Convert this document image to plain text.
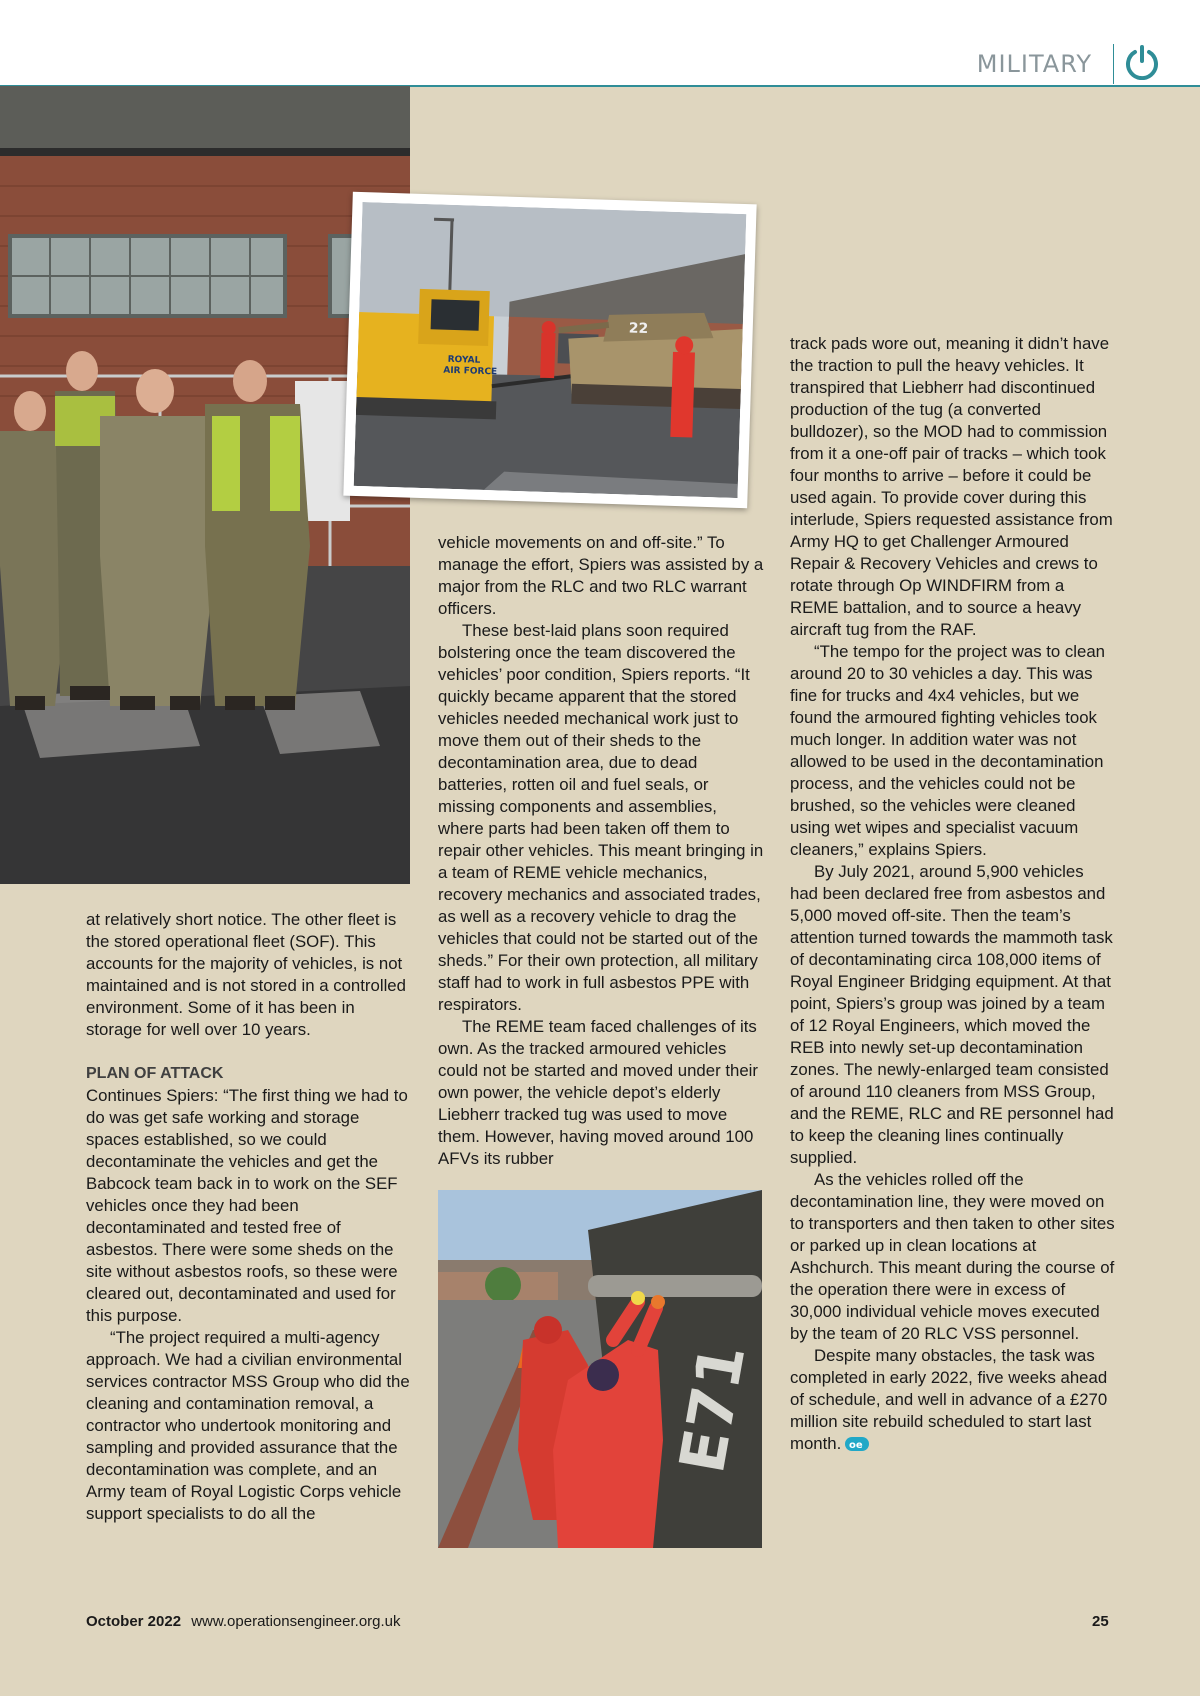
MILITARY
ROYAL
AIR FORCE
22
E71

at relatively short notice. The other fleet is the stored operational fleet (SOF). This accounts for the majority of vehicles, is not maintained and is not stored in a controlled environment. Some of it has been in storage for well over 10 years.

PLAN OF ATTACK

Continues Spiers: “The first thing we had to do was get safe working and storage spaces established, so we could decontaminate the vehicles and get the Babcock team back in to work on the SEF vehicles once they had been decontaminated and tested free of asbestos. There were some sheds on the site without asbestos roofs, so these were cleared out, decontaminated and used for this purpose.

“The project required a multi-agency approach. We had a civilian environmental services contractor MSS Group who did the cleaning and contamination removal, a contractor who undertook monitoring and sampling and provided assurance that the decontamination was complete, and an Army team of Royal Logistic Corps vehicle support specialists to do all the

vehicle movements on and off-site.” To manage the effort, Spiers was assisted by a major from the RLC and two RLC warrant officers.

These best-laid plans soon required bolstering once the team discovered the vehicles’ poor condition, Spiers reports. “It quickly became apparent that the stored vehicles needed mechanical work just to move them out of their sheds to the decontamination area, due to dead batteries, rotten oil and fuel seals, or missing components and assemblies, where parts had been taken off them to repair other vehicles. This meant bringing in a team of REME vehicle mechanics, recovery mechanics and associated trades, as well as a recovery vehicle to drag the vehicles that could not be started out of the sheds.” For their own protection, all military staff had to work in full asbestos PPE with respirators.

The REME team faced challenges of its own. As the tracked armoured vehicles could not be started and moved under their own power, the vehicle depot’s elderly Liebherr tracked tug was used to move them. However, having moved around 100 AFVs its rubber

track pads wore out, meaning it didn’t have the traction to pull the heavy vehicles. It transpired that Liebherr had discontinued production of the tug (a converted bulldozer), so the MOD had to commission from it a one-off pair of tracks – which took four months to arrive – before it could be used again. To provide cover during this interlude, Spiers requested assistance from Army HQ to get Challenger Armoured Repair & Recovery Vehicles and crews to rotate through Op WINDFIRM from a REME battalion, and to source a heavy aircraft tug from the RAF.

“The tempo for the project was to clean around 20 to 30 vehicles a day. This was fine for trucks and 4x4 vehicles, but we found the armoured fighting vehicles took much longer. In addition water was not allowed to be used in the decontamination process, and the vehicles could not be brushed, so the vehicles were cleaned using wet wipes and specialist vacuum cleaners,” explains Spiers.

By July 2021, around 5,900 vehicles had been declared free from asbestos and 5,000 moved off-site. Then the team’s attention turned towards the mammoth task of decontaminating circa 108,000 items of Royal Engineer Bridging equipment. At that point, Spiers’s group was joined by a team of 12 Royal Engineers, which moved the REB into newly set-up decontamination zones. The newly-enlarged team consisted of around 110 cleaners from MSS Group, and the REME, RLC and RE personnel had to keep the cleaning lines continually supplied.

As the vehicles rolled off the decontamination line, they were moved on to transporters and then taken to other sites or parked up in clean locations at Ashchurch. This meant during the course of the operation there were in excess of 30,000 individual vehicle moves executed by the team of 20 RLC VSS personnel.

Despite many obstacles, the task was completed in early 2022, five weeks ahead of schedule, and well in advance of a £270 million site rebuild scheduled to start last month. oe

October 2022 www.operationsengineer.org.uk	25
